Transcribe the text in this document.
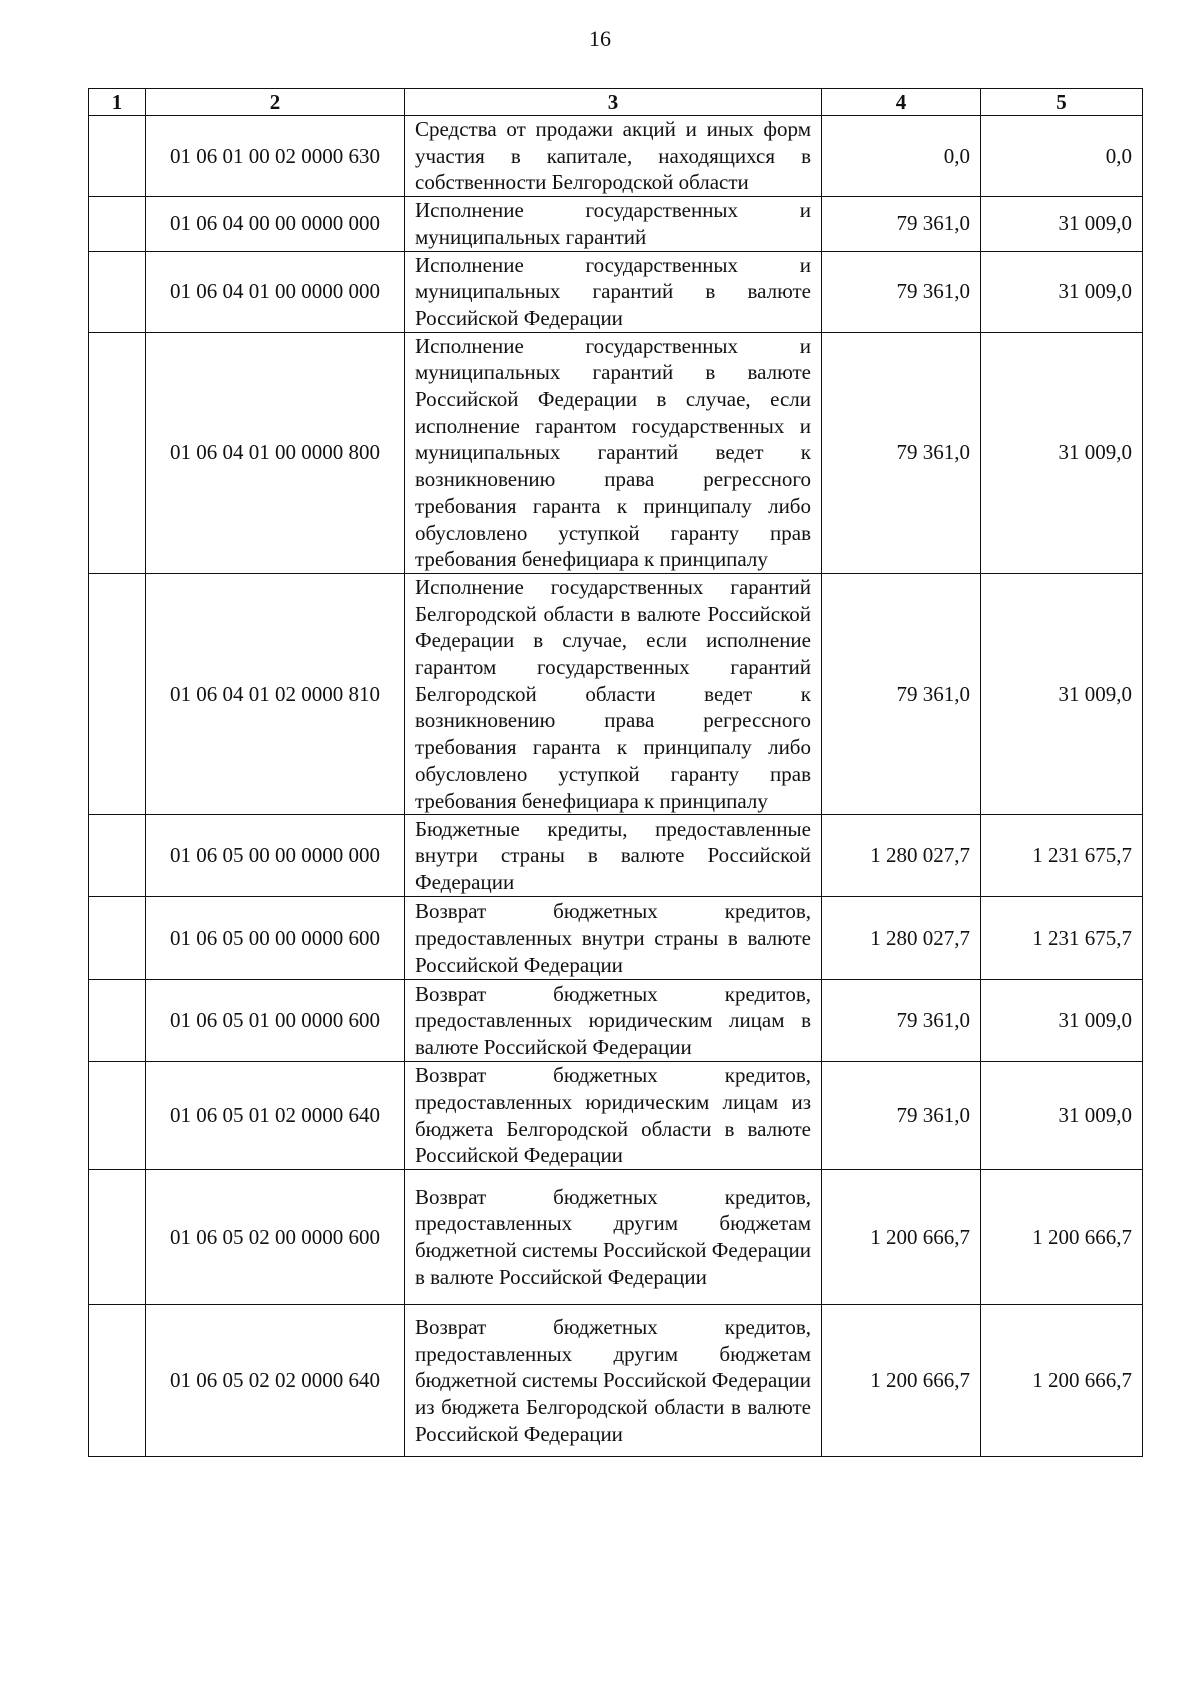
16
1	2	3	4	5
	01 06 01 00 02 0000 630	Средства от продажи акций и иных форм участия в капитале, находящихся в собственности Белгородской области	0,0	0,0
	01 06 04 00 00 0000 000	Исполнение государственных и муниципальных гарантий	79 361,0	31 009,0
	01 06 04 01 00 0000 000	Исполнение государственных и муниципальных гарантий в валюте Российской Федерации	79 361,0	31 009,0
	01 06 04 01 00 0000 800	Исполнение государственных и муниципальных гарантий в валюте Российской Федерации в случае, если исполнение гарантом государственных и муниципальных гарантий ведет к возникновению права регрессного требования гаранта к принципалу либо обусловлено уступкой гаранту прав требования бенефициара к принципалу	79 361,0	31 009,0
	01 06 04 01 02 0000 810	Исполнение государственных гарантий Белгородской области в валюте Российской Федерации в случае, если исполнение гарантом государственных гарантий Белгородской области ведет к возникновению права регрессного требования гаранта к принципалу либо обусловлено уступкой гаранту прав требования бенефициара к принципалу	79 361,0	31 009,0
	01 06 05 00 00 0000 000	Бюджетные кредиты, предоставленные внутри страны в валюте Российской Федерации	1 280 027,7	1 231 675,7
	01 06 05 00 00 0000 600	Возврат бюджетных кредитов, предоставленных внутри страны в валюте Российской Федерации	1 280 027,7	1 231 675,7
	01 06 05 01 00 0000 600	Возврат бюджетных кредитов, предоставленных юридическим лицам в валюте Российской Федерации	79 361,0	31 009,0
	01 06 05 01 02 0000 640	Возврат бюджетных кредитов, предоставленных юридическим лицам из бюджета Белгородской области в валюте Российской Федерации	79 361,0	31 009,0
	01 06 05 02 00 0000 600	Возврат бюджетных кредитов, предоставленных другим бюджетам бюджетной системы Российской Федерации в валюте Российской Федерации	1 200 666,7	1 200 666,7
	01 06 05 02 02 0000 640	Возврат бюджетных кредитов, предоставленных другим бюджетам бюджетной системы Российской Федерации из бюджета Белгородской области в валюте Российской Федерации	1 200 666,7	1 200 666,7
